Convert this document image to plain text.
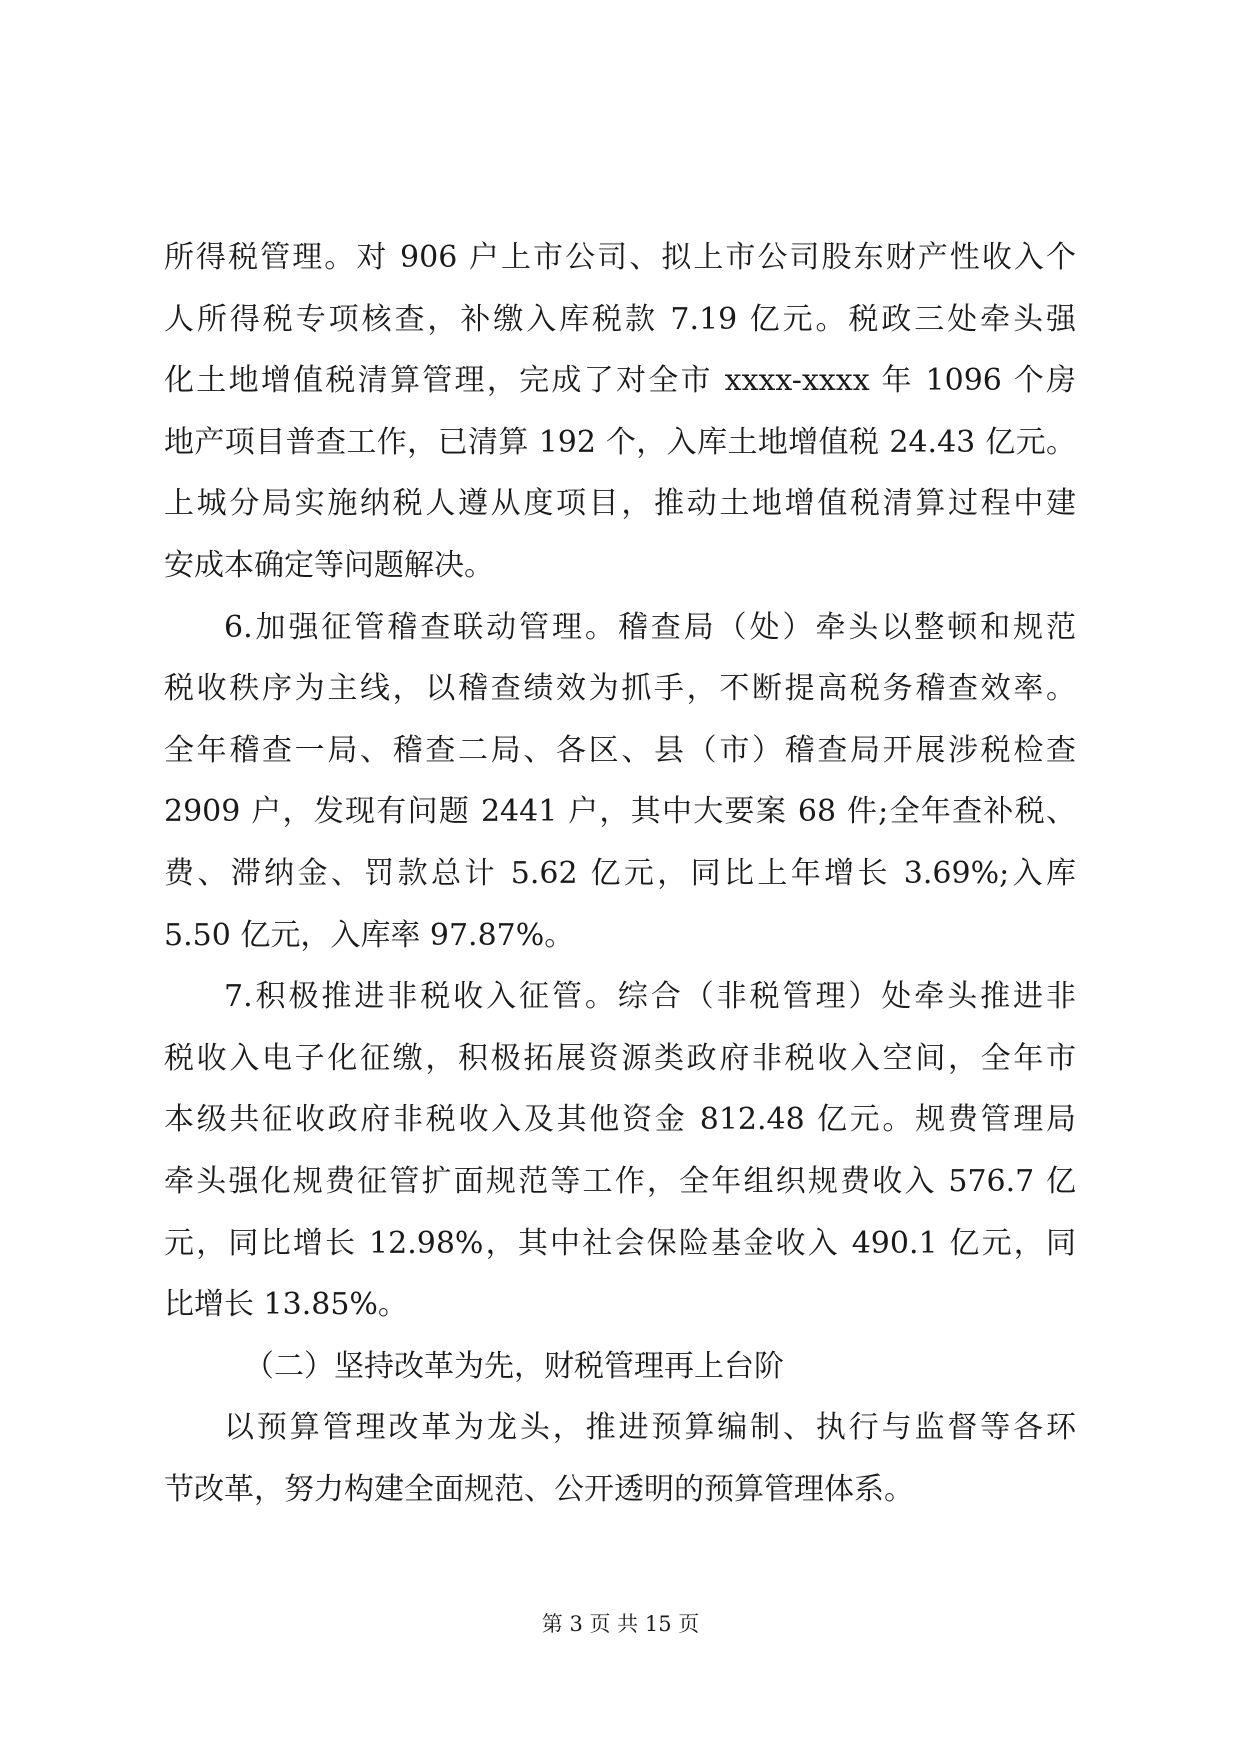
所得税管理。对 906 户上市公司、拟上市公司股东财产性收入个
人所得税专项核查，补缴入库税款 7.19 亿元。税政三处牵头强
化土地增值税清算管理，完成了对全市 xxxx-xxxx 年 1096 个房
地产项目普查工作，已清算 192 个，入库土地增值税 24.43 亿元。
上城分局实施纳税人遵从度项目，推动土地增值税清算过程中建
安成本确定等问题解决。
6.加强征管稽查联动管理。稽查局（处）牵头以整顿和规范
税收秩序为主线，以稽查绩效为抓手，不断提高税务稽查效率。
全年稽查一局、稽查二局、各区、县（市）稽查局开展涉税检查
2909 户，发现有问题 2441 户，其中大要案 68 件;全年查补税、
费、滞纳金、罚款总计 5.62 亿元，同比上年增长 3.69%;入库
5.50 亿元，入库率 97.87%。
7.积极推进非税收入征管。综合（非税管理）处牵头推进非
税收入电子化征缴，积极拓展资源类政府非税收入空间，全年市
本级共征收政府非税收入及其他资金 812.48 亿元。规费管理局
牵头强化规费征管扩面规范等工作，全年组织规费收入 576.7 亿
元，同比增长 12.98%，其中社会保险基金收入 490.1 亿元，同
比增长 13.85%。
（二）坚持改革为先，财税管理再上台阶
以预算管理改革为龙头，推进预算编制、执行与监督等各环
节改革，努力构建全面规范、公开透明的预算管理体系。
第 3 页 共 15 页
